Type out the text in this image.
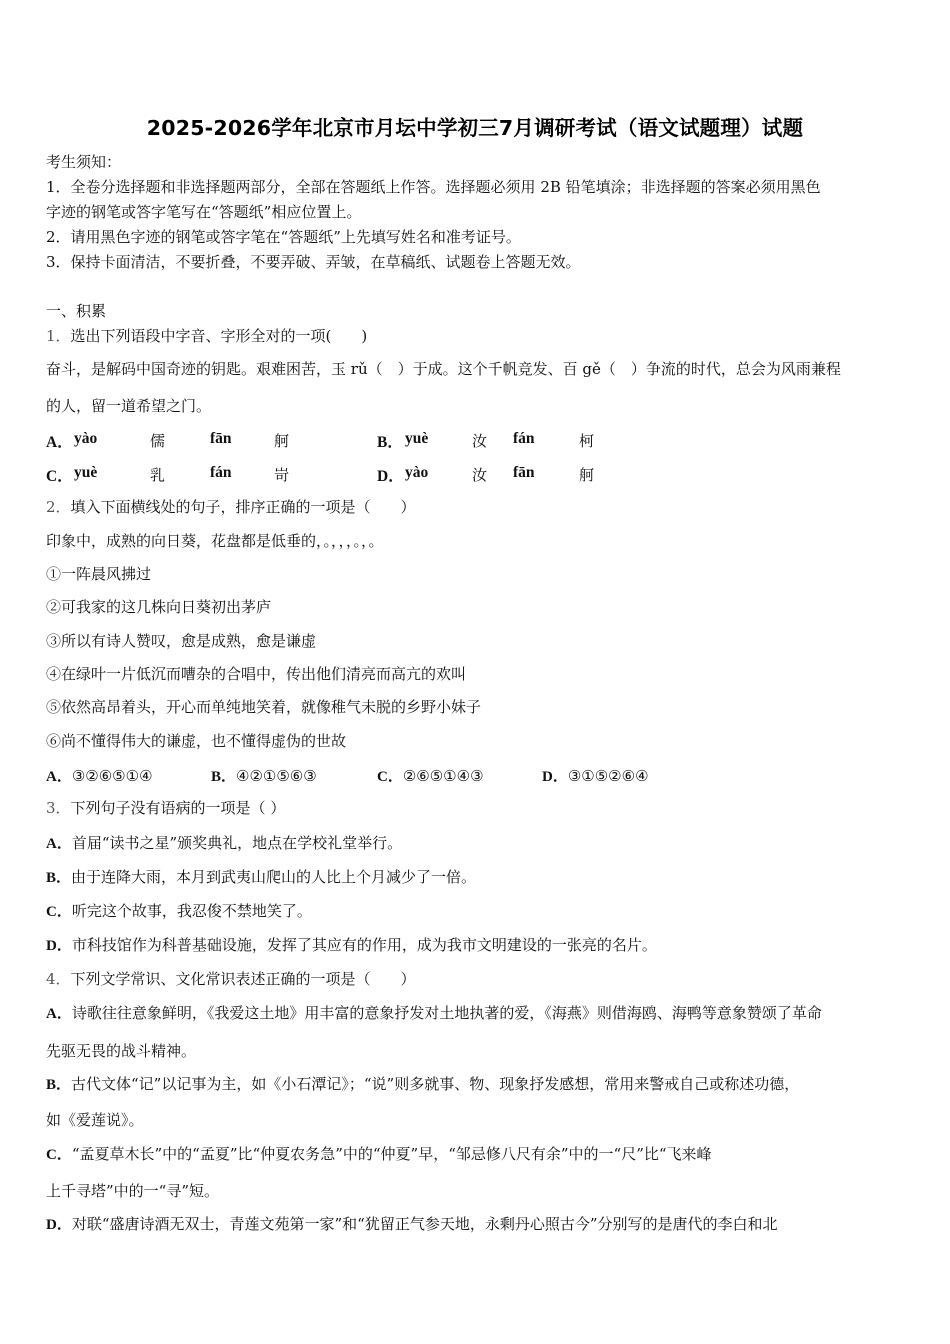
2025-2026学年北京市月坛中学初三7月调研考试（语文试题理）试题
考生须知：
1．全卷分选择题和非选择题两部分，全部在答题纸上作答。选择题必须用 2B 铅笔填涂；非选择题的答案必须用黑色
字迹的钢笔或答字笔写在“答题纸”相应位置上。
2．请用黑色字迹的钢笔或答字笔在“答题纸”上先填写姓名和准考证号。
3．保持卡面清洁，不要折叠，不要弄破、弄皱，在草稿纸、试题卷上答题无效。
一、积累
1．选出下列语段中字音、字形全对的一项(　　)
奋斗，是解码中国奇迹的钥匙。艰难困苦，玉 rǔ（　）于成。这个千帆竞发、百 gě（　）争流的时代，总会为风雨兼程
的人，留一道希望之门。
A． yào	儒	fān	舸	B． yuè	汝 fán	柯
C． yuè	乳	fán	岢	D． yào	汝 fān	舸
2．填入下面横线处的句子，排序正确的一项是（　　）
印象中，成熟的向日葵，花盘都是低垂的，。，，，。，。
①一阵晨风拂过
②可我家的这几株向日葵初出茅庐
③所以有诗人赞叹，愈是成熟，愈是谦虚
④在绿叶一片低沉而嘈杂的合唱中，传出他们清亮而高亢的欢叫
⑤依然高昂着头，开心而单纯地笑着，就像稚气未脱的乡野小妹子
⑥尚不懂得伟大的谦虚，也不懂得虚伪的世故
A．③②⑥⑤①④	B．④②①⑤⑥③	C．②⑥⑤①④③	D．③①⑤②⑥④
3．下列句子没有语病的一项是（ ）
A．首届“读书之星”颁奖典礼，地点在学校礼堂举行。
B．由于连降大雨，本月到武夷山爬山的人比上个月减少了一倍。
C．听完这个故事，我忍俊不禁地笑了。
D．市科技馆作为科普基础设施，发挥了其应有的作用，成为我市文明建设的一张亮的名片。
4．下列文学常识、文化常识表述正确的一项是（　　）
A．诗歌往往意象鲜明，《我爱这土地》用丰富的意象抒发对土地执著的爱，《海燕》则借海鸥、海鸭等意象赞颂了革命
先驱无畏的战斗精神。
B．古代文体“记”以记事为主，如《小石潭记》；“说”则多就事、物、现象抒发感想，常用来警戒自己或称述功德，
如《爱莲说》。
C．“孟夏草木长”中的“孟夏”比“仲夏农务急”中的“仲夏”早，“邹忌修八尺有余”中的一“尺”比“飞来峰
上千寻塔”中的一“寻”短。
D．对联“盛唐诗酒无双士，青莲文苑第一家”和“犹留正气参天地，永剩丹心照古今”分别写的是唐代的李白和北
